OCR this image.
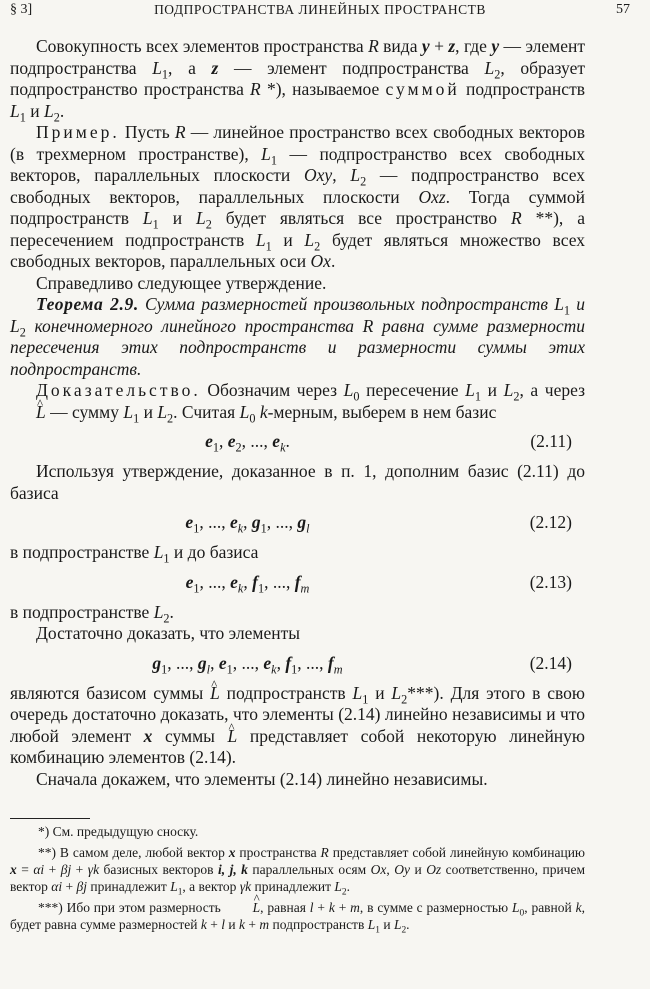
§ 3]	ПОДПРОСТРАНСТВА ЛИНЕЙНЫХ ПРОСТРАНСТВ	57

Совокупность всех элементов пространства R вида y + z, где y — элемент подпространства $L_1$, а z — элемент подпространства $L_2$, образует подпространство пространства R *), называемое суммой подпространств $L_1$ и $L_2$.

Пример. Пусть R — линейное пространство всех свободных векторов (в трехмерном пространстве), $L_1$ — подпространство всех свободных векторов, параллельных плоскости Oxy, $L_2$ — подпространство всех свободных векторов, параллельных плоскости Oxz. Тогда суммой подпространств $L_1$ и $L_2$ будет являться все пространство R **), а пересечением подпространств $L_1$ и $L_2$ будет являться множество всех свободных векторов, параллельных оси Ox.

Справедливо следующее утверждение.

Теорема 2.9. Сумма размерностей произвольных подпространств $L_1$ и $L_2$ конечномерного линейного пространства R равна сумме размерности пересечения этих подпространств и размерности суммы этих подпространств.

Доказательство. Обозначим через $L_0$ пересечение $L_1$ и $L_2$, а через ^ L — сумму $L_1$ и $L_2$. Считая $L_0$ k-мерным, выберем в нем базис

$e_1$, $e_2$, ..., $e_k$.	(2.11)

Используя утверждение, доказанное в п. 1, дополним базис (2.11) до базиса

$e_1$, ..., $e_k$, $g_1$, ..., $g_l$	(2.12)

в подпространстве $L_1$ и до базиса

$e_1$, ..., $e_k$, $f_1$, ..., $f_m$	(2.13)

в подпространстве $L_2$.

Достаточно доказать, что элементы

$g_1$, ..., $g_l$, $e_1$, ..., $e_k$, $f_1$, ..., $f_m$	(2.14)

являются базисом суммы ^ L подпространств $L_1$ и $L_2***$). Для этого в свою очередь достаточно доказать, что элементы (2.14) линейно независимы и что любой элемент x суммы ^ L представляет собой некоторую линейную комбинацию элементов (2.14).

Сначала докажем, что элементы (2.14) линейно независимы.

*) См. предыдущую сноску.

**) В самом деле, любой вектор x пространства R представляет собой линейную комбинацию x = αi + βj + γk базисных векторов i, j, k параллельных осям Ox, Oy и Oz соответственно, причем вектор αi + βj принадлежит $L_1$, а вектор γk принадлежит $L_2$.

***) Ибо при этом размерность ^ L, равная l + k + m, в сумме с размерностью $L_0$, равной k, будет равна сумме размерностей k + l и k + m подпространств $L_1$ и $L_2$.
